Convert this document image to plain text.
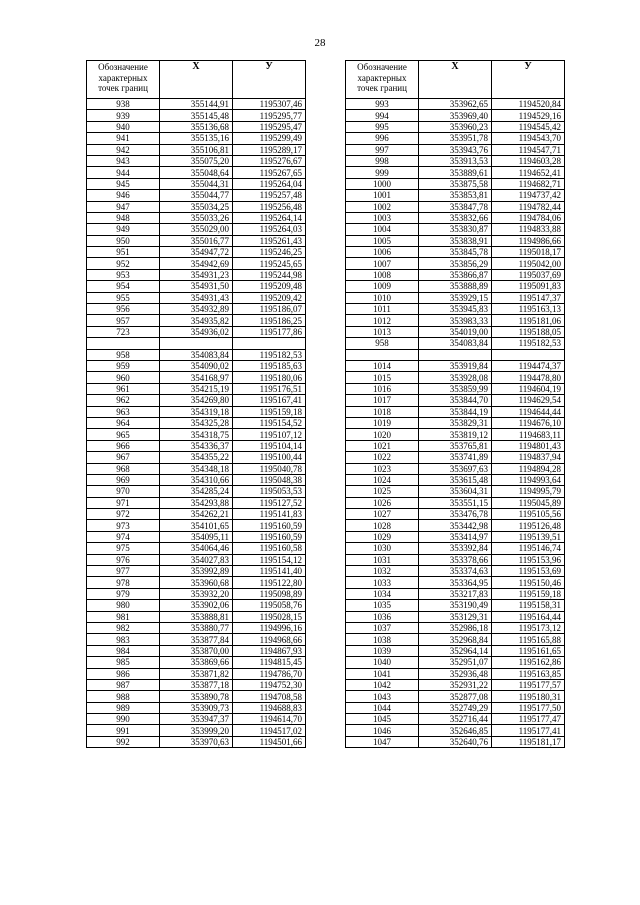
28
Обозначение характерных точек границ	Х	У
938	355144,91	1195307,46
939	355145,48	1195295,77
940	355136,68	1195295,47
941	355135,16	1195299,49
942	355106,81	1195289,17
943	355075,20	1195276,67
944	355048,64	1195267,65
945	355044,31	1195264,04
946	355044,77	1195257,48
947	355034,25	1195256,48
948	355033,26	1195264,14
949	355029,00	1195264,03
950	355016,77	1195261,43
951	354947,72	1195246,25
952	354942,69	1195245,65
953	354931,23	1195244,98
954	354931,50	1195209,48
955	354931,43	1195209,42
956	354932,89	1195186,07
957	354935,82	1195186,25
723	354936,02	1195177,86

958	354083,84	1195182,53
959	354090,02	1195185,63
960	354168,97	1195180,06
961	354215,19	1195176,51
962	354269,80	1195167,41
963	354319,18	1195159,18
964	354325,28	1195154,52
965	354318,75	1195107,12
966	354336,37	1195104,14
967	354355,22	1195100,44
968	354348,18	1195040,78
969	354310,66	1195048,38
970	354285,24	1195053,53
971	354293,88	1195127,52
972	354262,21	1195141,83
973	354101,65	1195160,59
974	354095,11	1195160,59
975	354064,46	1195160,58
976	354027,83	1195154,12
977	353992,89	1195141,40
978	353960,68	1195122,80
979	353932,20	1195098,89
980	353902,06	1195058,76
981	353888,81	1195028,15
982	353880,77	1194996,16
983	353877,84	1194968,66
984	353870,00	1194867,93
985	353869,66	1194815,45
986	353871,82	1194786,70
987	353877,18	1194752,30
988	353890,78	1194708,58
989	353909,73	1194688,83
990	353947,37	1194614,70
991	353999,20	1194517,02
992	353970,63	1194501,66
Обозначение характерных точек границ	Х	У
993	353962,65	1194520,84
994	353969,40	1194529,16
995	353960,23	1194545,42
996	353951,78	1194543,70
997	353943,76	1194547,71
998	353913,53	1194603,28
999	353889,61	1194652,41
1000	353875,58	1194682,71
1001	353853,81	1194737,42
1002	353847,78	1194782,44
1003	353832,66	1194784,06
1004	353830,87	1194833,88
1005	353838,91	1194986,66
1006	353845,78	1195018,17
1007	353856,29	1195042,00
1008	353866,87	1195037,69
1009	353888,89	1195091,83
1010	353929,15	1195147,37
1011	353945,83	1195163,13
1012	353983,33	1195181,06
1013	354019,00	1195188,05
958	354083,84	1195182,53

1014	353919,84	1194474,37
1015	353928,08	1194478,80
1016	353859,99	1194604,19
1017	353844,70	1194629,54
1018	353844,19	1194644,44
1019	353829,31	1194676,10
1020	353819,12	1194683,11
1021	353765,81	1194801,43
1022	353741,89	1194837,94
1023	353697,63	1194894,28
1024	353615,48	1194993,64
1025	353604,31	1194995,79
1026	353551,15	1195045,89
1027	353476,78	1195105,56
1028	353442,98	1195126,48
1029	353414,97	1195139,51
1030	353392,84	1195146,74
1031	353378,66	1195153,96
1032	353374,63	1195153,69
1033	353364,95	1195150,46
1034	353217,83	1195159,18
1035	353190,49	1195158,31
1036	353129,31	1195164,44
1037	352986,18	1195173,12
1038	352968,84	1195165,88
1039	352964,14	1195161,65
1040	352951,07	1195162,86
1041	352936,48	1195163,85
1042	352931,22	1195177,57
1043	352877,08	1195180,31
1044	352749,29	1195177,50
1045	352716,44	1195177,47
1046	352646,85	1195177,41
1047	352640,76	1195181,17
